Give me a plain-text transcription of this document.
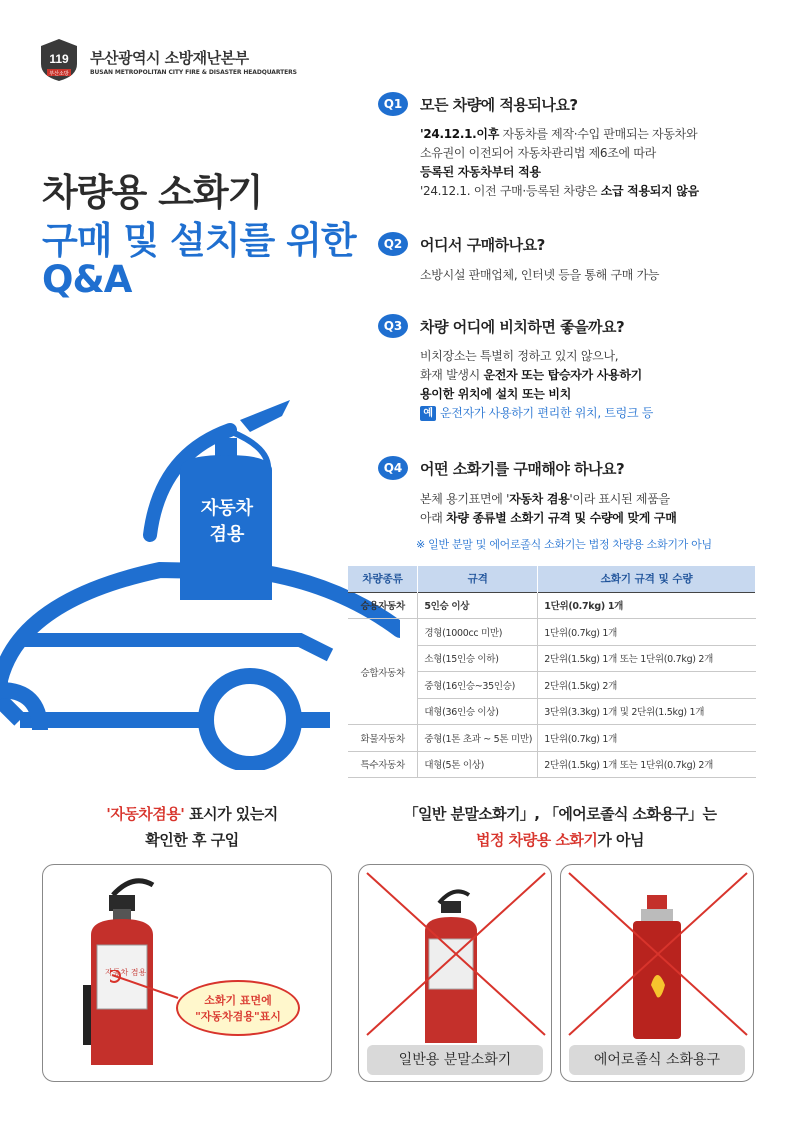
119
부산소방
부산광역시 소방재난본부
BUSAN METROPOLITAN CITY FIRE & DISASTER HEADQUARTERS
차량용 소화기
구매 및 설치를 위한
Q&A
자동차
겸용
Q1	모든 차량에 적용되나요?
'24.12.1.이후 자동차를 제작·수입 판매되는 자동차와
소유권이 이전되어 자동차관리법 제6조에 따라
등록된 자동차부터 적용
'24.12.1. 이전 구매·등록된 차량은 소급 적용되지 않음
Q2	어디서 구매하나요?
소방시설 판매업체, 인터넷 등을 통해 구매 가능
Q3	차량 어디에 비치하면 좋을까요?
비치장소는 특별히 정하고 있지 않으나,
화재 발생시 운전자 또는 탑승자가 사용하기
용이한 위치에 설치 또는 비치
예 운전자가 사용하기 편리한 위치, 트렁크 등
Q4	어떤 소화기를 구매해야 하나요?
본체 용기표면에 '자동차 겸용'이라 표시된 제품을
아래 차량 종류별 소화기 규격 및 수량에 맞게 구매
※ 일반 분말 및 에어로졸식 소화기는 법정 차량용 소화기가 아님
차량종류	규격	소화기 규격 및 수량
승용자동차	5인승 이상	1단위(0.7kg) 1개
승합자동차	경형(1000cc 미만)	1단위(0.7kg) 1개
	소형(15인승 이하)	2단위(1.5kg) 1개 또는 1단위(0.7kg) 2개
	중형(16인승~35인승)	2단위(1.5kg) 2개
	대형(36인승 이상)	3단위(3.3kg) 1개 및 2단위(1.5kg) 1개
화물자동차	중형(1톤 초과 ~ 5톤 미만)	1단위(0.7kg) 1개
특수자동차	대형(5톤 이상)	2단위(1.5kg) 1개 또는 1단위(0.7kg) 2개
'자동차겸용' 표시가 있는지
확인한 후 구입
「일반 분말소화기」, 「에어로졸식 소화용구」는
법정 차량용 소화기가 아님
자동차 겸용
소화기 표면에
"자동차겸용"표시
일반용 분말소화기	에어로졸식 소화용구
